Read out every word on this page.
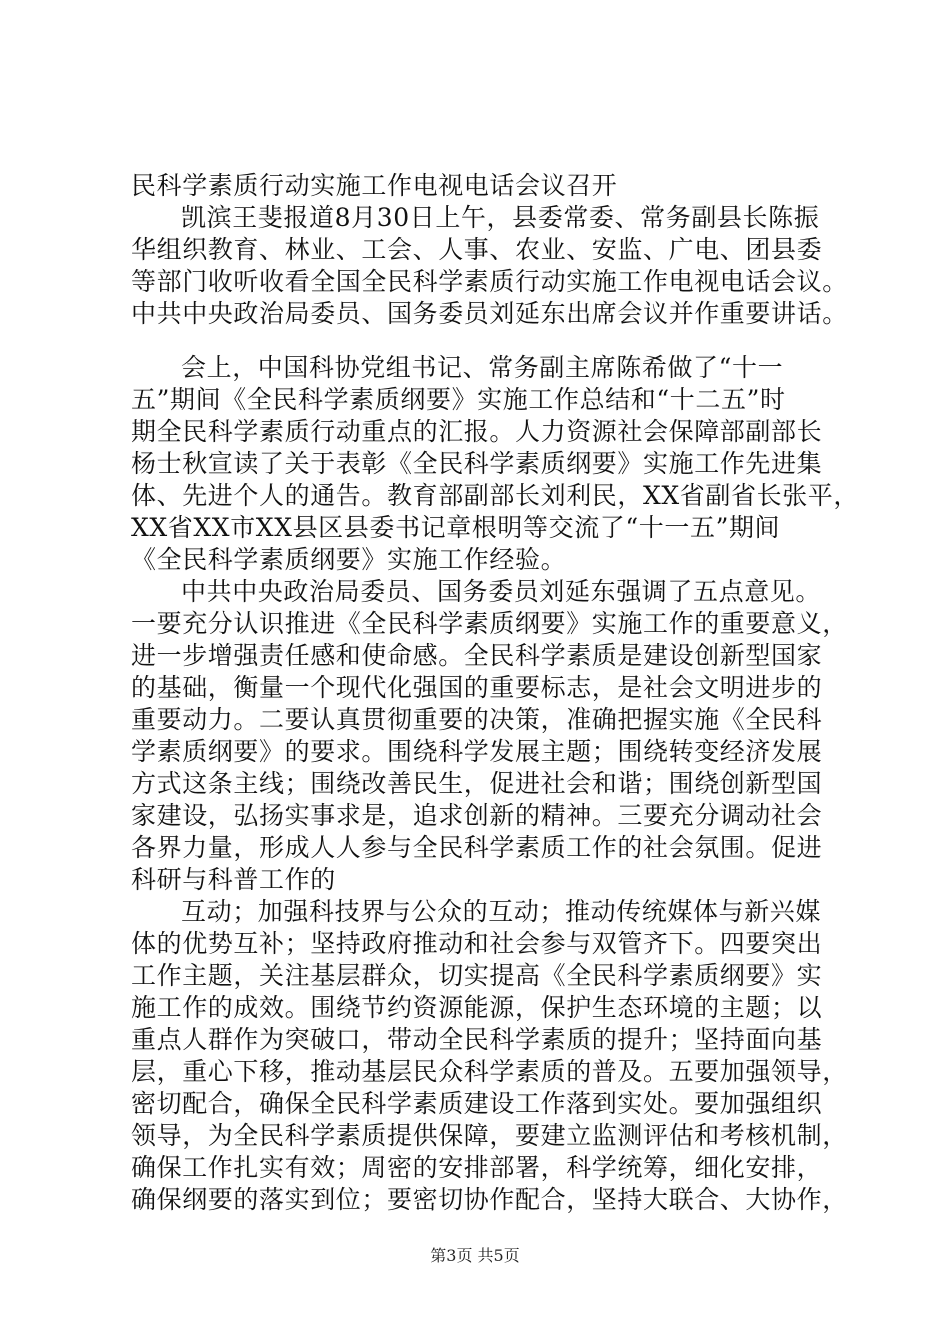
民科学素质行动实施工作电视电话会议召开
凯滨王斐报道8月30日上午，县委常委、常务副县长陈振
华组织教育、林业、工会、人事、农业、安监、广电、团县委
等部门收听收看全国全民科学素质行动实施工作电视电话会议。
中共中央政治局委员、国务委员刘延东出席会议并作重要讲话。
会上，中国科协党组书记、常务副主席陈希做了“十一
五”期间《全民科学素质纲要》实施工作总结和“十二五”时
期全民科学素质行动重点的汇报。人力资源社会保障部副部长
杨士秋宣读了关于表彰《全民科学素质纲要》实施工作先进集
体、先进个人的通告。教育部副部长刘利民，XX省副省长张平，
XX省XX市XX县区县委书记章根明等交流了“十一五”期间
《全民科学素质纲要》实施工作经验。
中共中央政治局委员、国务委员刘延东强调了五点意见。
一要充分认识推进《全民科学素质纲要》实施工作的重要意义，
进一步增强责任感和使命感。全民科学素质是建设创新型国家
的基础，衡量一个现代化强国的重要标志，是社会文明进步的
重要动力。二要认真贯彻重要的决策，准确把握实施《全民科
学素质纲要》的要求。围绕科学发展主题；围绕转变经济发展
方式这条主线；围绕改善民生，促进社会和谐；围绕创新型国
家建设，弘扬实事求是，追求创新的精神。三要充分调动社会
各界力量，形成人人参与全民科学素质工作的社会氛围。促进
科研与科普工作的
互动；加强科技界与公众的互动；推动传统媒体与新兴媒
体的优势互补；坚持政府推动和社会参与双管齐下。四要突出
工作主题，关注基层群众，切实提高《全民科学素质纲要》实
施工作的成效。围绕节约资源能源，保护生态环境的主题；以
重点人群作为突破口，带动全民科学素质的提升；坚持面向基
层，重心下移，推动基层民众科学素质的普及。五要加强领导，
密切配合，确保全民科学素质建设工作落到实处。要加强组织
领导，为全民科学素质提供保障，要建立监测评估和考核机制，
确保工作扎实有效；周密的安排部署，科学统筹，细化安排，
确保纲要的落实到位；要密切协作配合，坚持大联合、大协作，
第3页 共5页
